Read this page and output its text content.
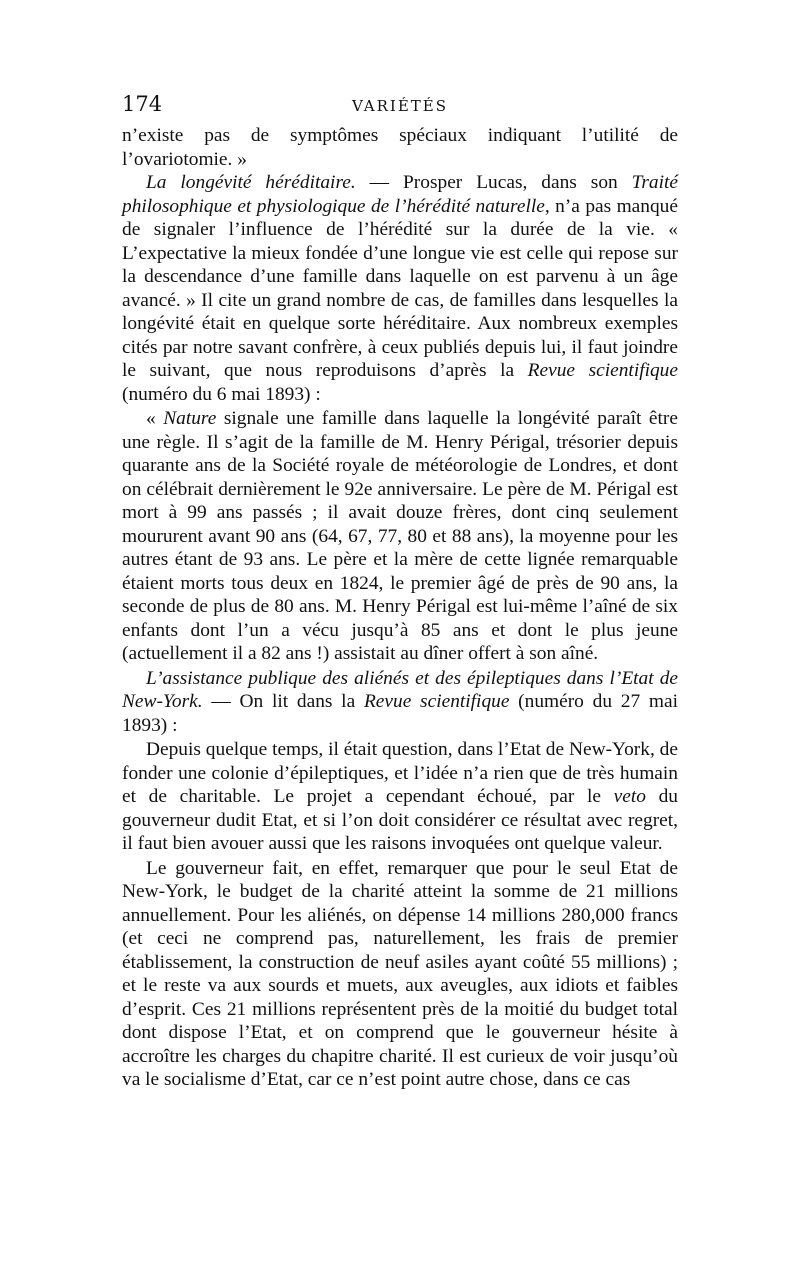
174	VARIÉTÉS

n’existe pas de symptômes spéciaux indiquant l’utilité de l’ovariotomie. »

La longévité héréditaire. — Prosper Lucas, dans son Traité philosophique et physiologique de l’hérédité naturelle, n’a pas manqué de signaler l’influence de l’hérédité sur la durée de la vie. « L’expectative la mieux fondée d’une longue vie est celle qui repose sur la descendance d’une famille dans laquelle on est parvenu à un âge avancé. » Il cite un grand nombre de cas, de familles dans lesquelles la longévité était en quelque sorte héréditaire. Aux nombreux exemples cités par notre savant confrère, à ceux publiés depuis lui, il faut joindre le suivant, que nous reproduisons d’après la Revue scientifique (numéro du 6 mai 1893) :

« Nature signale une famille dans laquelle la longévité paraît être une règle. Il s’agit de la famille de M. Henry Périgal, trésorier depuis quarante ans de la Société royale de météorologie de Londres, et dont on célébrait dernièrement le 92e anniversaire. Le père de M. Périgal est mort à 99 ans passés ; il avait douze frères, dont cinq seulement moururent avant 90 ans (64, 67, 77, 80 et 88 ans), la moyenne pour les autres étant de 93 ans. Le père et la mère de cette lignée remarquable étaient morts tous deux en 1824, le premier âgé de près de 90 ans, la seconde de plus de 80 ans. M. Henry Périgal est lui-même l’aîné de six enfants dont l’un a vécu jusqu’à 85 ans et dont le plus jeune (actuellement il a 82 ans !) assistait au dîner offert à son aîné.

L’assistance publique des aliénés et des épileptiques dans l’Etat de New-York. — On lit dans la Revue scientifique (numéro du 27 mai 1893) :

Depuis quelque temps, il était question, dans l’Etat de New-York, de fonder une colonie d’épileptiques, et l’idée n’a rien que de très humain et de charitable. Le projet a cependant échoué, par le veto du gouverneur dudit Etat, et si l’on doit considérer ce résultat avec regret, il faut bien avouer aussi que les raisons invoquées ont quelque valeur.

Le gouverneur fait, en effet, remarquer que pour le seul Etat de New-York, le budget de la charité atteint la somme de 21 millions annuellement. Pour les aliénés, on dépense 14 millions 280,000 francs (et ceci ne comprend pas, naturellement, les frais de premier établissement, la construction de neuf asiles ayant coûté 55 millions) ; et le reste va aux sourds et muets, aux aveugles, aux idiots et faibles d’esprit. Ces 21 millions représentent près de la moitié du budget total dont dispose l’Etat, et on comprend que le gouverneur hésite à accroître les charges du chapitre charité. Il est curieux de voir jusqu’où va le socialisme d’Etat, car ce n’est point autre chose, dans ce cas
